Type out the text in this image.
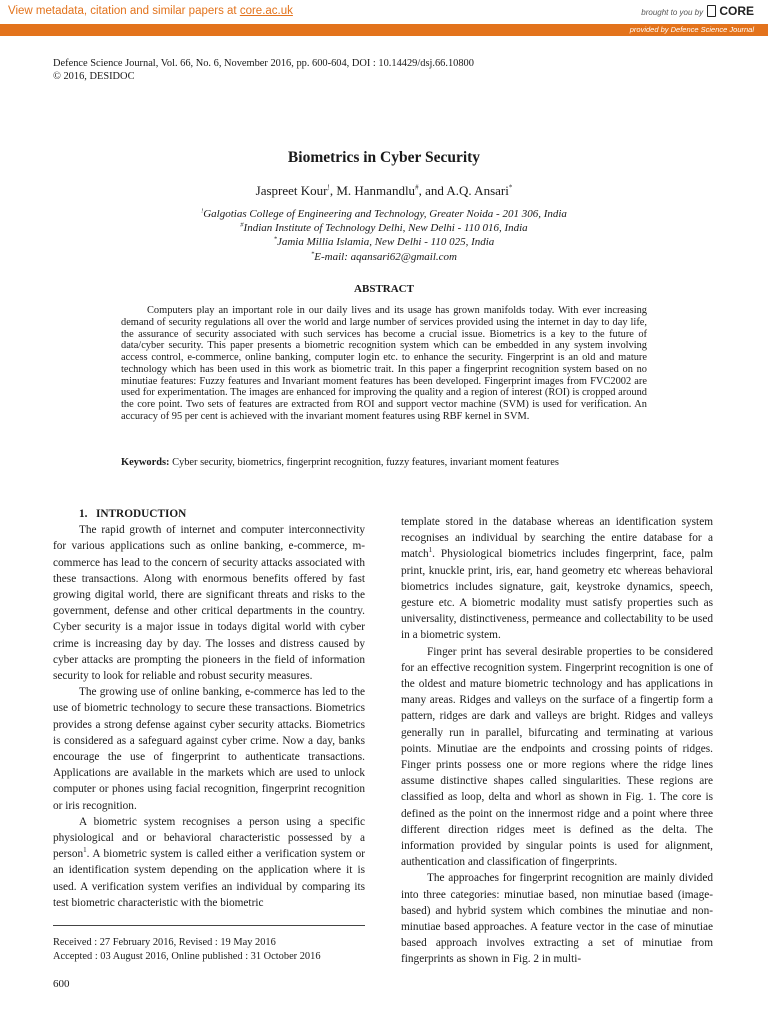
View metadata, citation and similar papers at core.ac.uk	brought to you by CORE
provided by Defence Science Journal
Defence Science Journal, Vol. 66, No. 6, November 2016, pp. 600-604, DOI : 10.14429/dsj.66.10800
© 2016, DESIDOC
Biometrics in Cyber Security
Jaspreet Kour!, M. Hanmandlu#, and A.Q. Ansari*
!Galgotias College of Engineering and Technology, Greater Noida - 201 306, India
#Indian Institute of Technology Delhi, New Delhi - 110 016, India
*Jamia Millia Islamia, New Delhi - 110 025, India
*E-mail: aqansari62@gmail.com
ABSTRACT
Computers play an important role in our daily lives and its usage has grown manifolds today. With ever increasing demand of security regulations all over the world and large number of services provided using the internet in day to day life, the assurance of security associated with such services has become a crucial issue. Biometrics is a key to the future of data/cyber security. This paper presents a biometric recognition system which can be embedded in any system involving access control, e-commerce, online banking, computer login etc. to enhance the security. Fingerprint is an old and mature technology which has been used in this work as biometric trait. In this paper a fingerprint recognition system based on no minutiae features: Fuzzy features and Invariant moment features has been developed. Fingerprint images from FVC2002 are used for experimentation. The images are enhanced for improving the quality and a region of interest (ROI) is cropped around the core point. Two sets of features are extracted from ROI and support vector machine (SVM) is used for verification. An accuracy of 95 per cent is achieved with the invariant moment features using RBF kernel in SVM.
Keywords: Cyber security, biometrics, fingerprint recognition, fuzzy features, invariant moment features

1.   INTRODUCTION

The rapid growth of internet and computer interconnectivity for various applications such as online banking, e-commerce, m-commerce has lead to the concern of security attacks associated with these transactions. Along with enormous benefits offered by fast growing digital world, there are significant threats and risks to the government, defense and other critical departments in the country. Cyber security is a major issue in todays digital world with cyber crime is increasing day by day. The losses and distress caused by cyber attacks are prompting the pioneers in the field of information security to look for reliable and robust security measures.

The growing use of online banking, e-commerce has led to the use of biometric technology to secure these transactions. Biometrics provides a strong defense against cyber security attacks. Biometrics is considered as a safeguard against cyber crime. Now a day, banks encourage the use of fingerprint to authenticate transactions. Applications are available in the markets which are used to unlock computer or phones using facial recognition, fingerprint recognition or iris recognition.

A biometric system recognises a person using a specific physiological and or behavioral characteristic possessed by a person$^1$. A biometric system is called either a verification system or an identification system depending on the application where it is used. A verification system verifies an individual by comparing its test biometric characteristic with the biometric

template stored in the database whereas an identification system recognises an individual by searching the entire database for a match$^1$. Physiological biometrics includes fingerprint, face, palm print, knuckle print, iris, ear, hand geometry etc whereas behavioral biometrics includes signature, gait, keystroke dynamics, speech, gesture etc. A biometric modality must satisfy properties such as universality, distinctiveness, permeance and collectability to be used in a biometric system.

Finger print has several desirable properties to be considered for an effective recognition system. Fingerprint recognition is one of the oldest and mature biometric technology and has applications in many areas. Ridges and valleys on the surface of a fingertip form a pattern, ridges are dark and valleys are bright. Ridges and valleys generally run in parallel, bifurcating and terminating at various points. Minutiae are the endpoints and crossing points of ridges. Finger prints possess one or more regions where the ridge lines assume distinctive shapes called singularities. These regions are classified as loop, delta and whorl as shown in Fig. 1. The core is defined as the point on the innermost ridge and a point where three different direction ridges meet is defined as the delta. The information provided by singular points is used for alignment, authentication and classification of fingerprints.

The approaches for fingerprint recognition are mainly divided into three categories: minutiae based, non minutiae based (image-based) and hybrid system which combines the minutiae and non-minutiae based approaches. A feature vector in the case of minutiae based approach involves extracting a set of minutiae from fingerprints as shown in Fig. 2 in multi-

Received : 27 February 2016, Revised : 19 May 2016
Accepted : 03 August 2016, Online published : 31 October 2016
600
